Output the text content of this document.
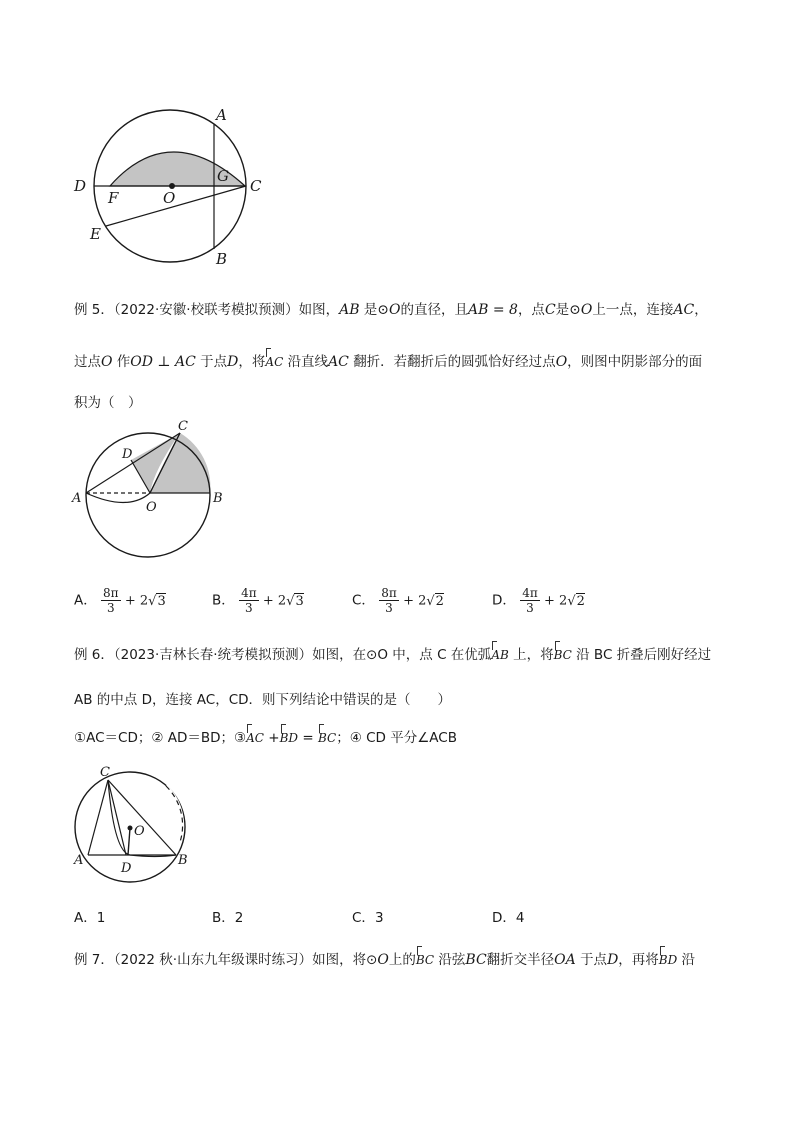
A
B
C
D
E
F
G
O
例 5．（2022·安徽·校联考模拟预测）如图，AB 是⊙O的直径，且AB = 8，点C是⊙O上一点，连接AC，
过点O 作OD ⊥ AC 于点D，将AC 沿直线AC 翻折．若翻折后的圆弧恰好经过点O，则图中阴影部分的面
积为（　）
A	B
C
D
O
A． $\frac{8\pi}{3} + 2√3$	B． $\frac{4\pi}{3} + 2√3$	C． $\frac{8\pi}{3} + 2√2$	D． $\frac{4\pi}{3} + 2√2$
例 6．（2023·吉林长春·统考模拟预测）如图，在⊙O 中，点 C 在优弧AB 上，将BC 沿 BC 折叠后刚好经过
AB 的中点 D，连接 AC，CD．则下列结论中错误的是（　　）
①AC＝CD；② AD＝BD；③AC +BD = BC；④ CD 平分∠ACB
A	B
C
D
O
A．1	B．2	C．3	D．4
例 7．（2022 秋·山东九年级课时练习）如图，将⊙O上的BC 沿弦BC翻折交半径OA 于点D，再将BD 沿
